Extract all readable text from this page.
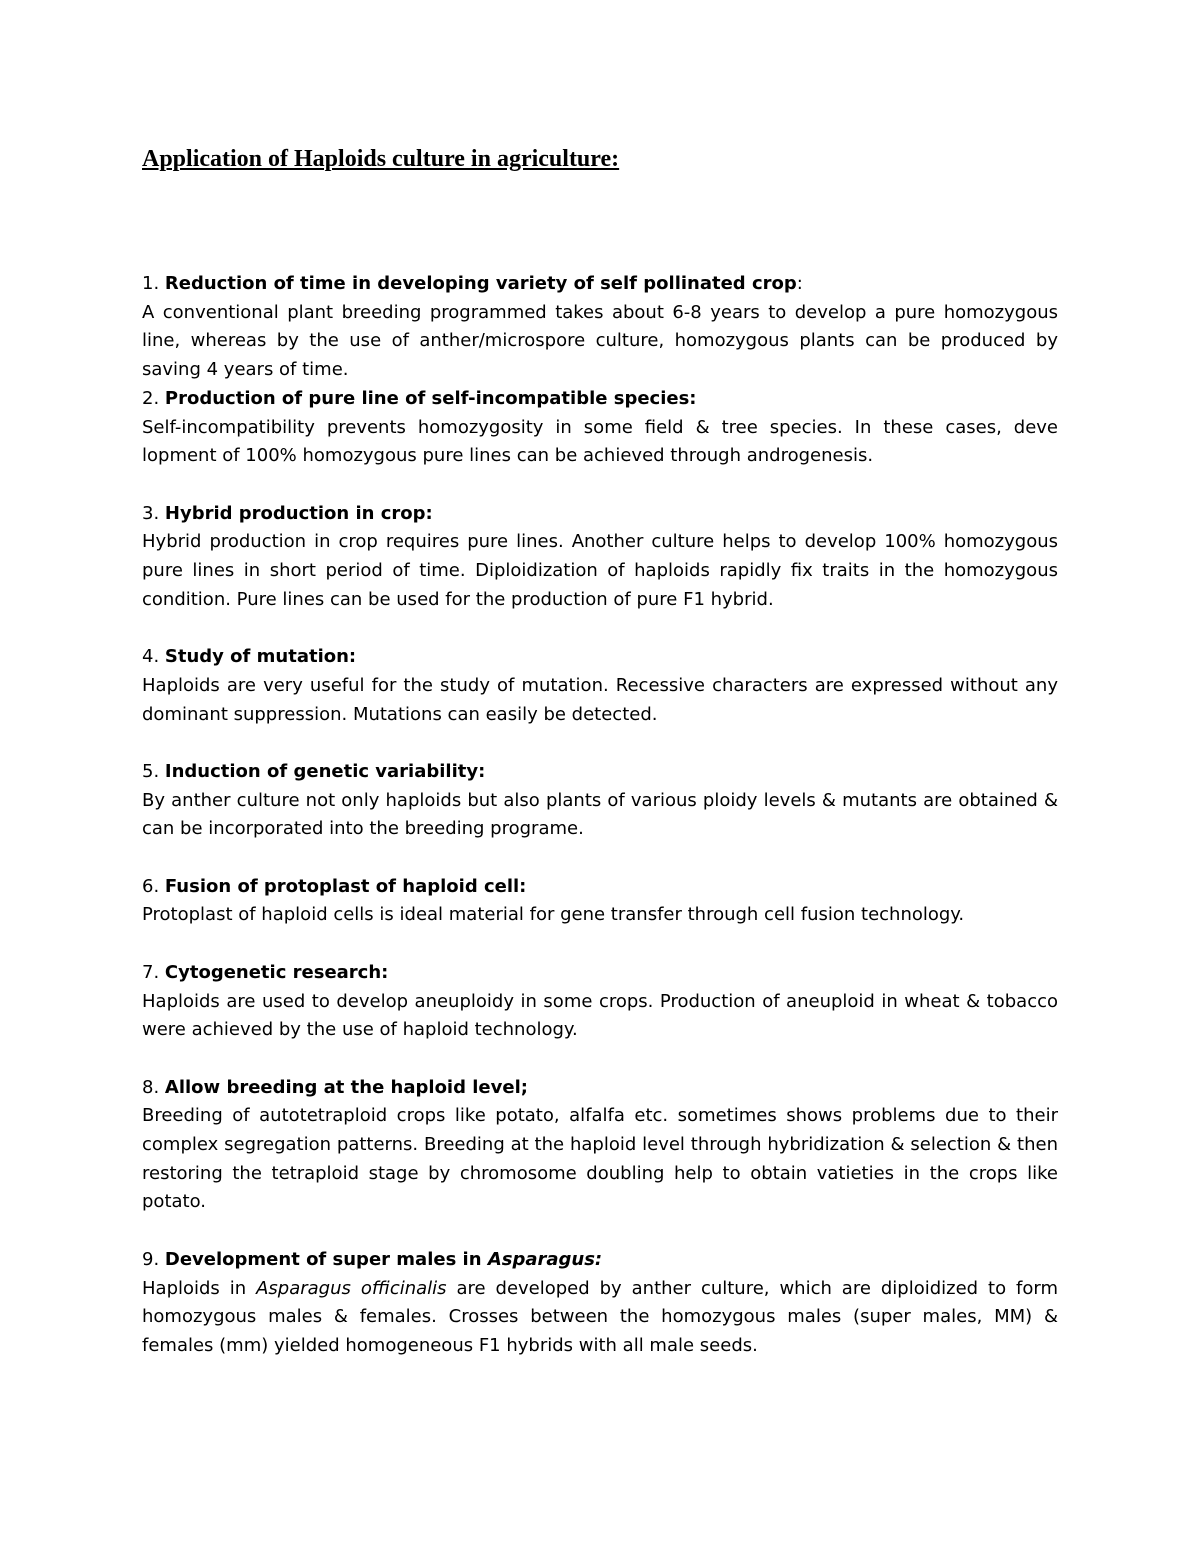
Application of Haploids culture in agriculture:

1. Reduction of time in developing variety of self pollinated crop:

A conventional plant breeding programmed takes about 6-8 years to develop a pure homozygous line, whereas by the use of anther/microspore culture, homozygous plants can be produced by saving 4 years of time.

2. Production of pure line of self-incompatible species:

Self-incompatibility prevents homozygosity in some field & tree species. In these cases, deve lopment of 100% homozygous pure lines can be achieved through androgenesis.

3. Hybrid production in crop:

Hybrid production in crop requires pure lines. Another culture helps to develop 100% homozygous pure lines in short period of time. Diploidization of haploids rapidly fix traits in the homozygous condition. Pure lines can be used for the production of pure F1 hybrid.

4. Study of mutation:

Haploids are very useful for the study of mutation. Recessive characters are expressed without any dominant suppression. Mutations can easily be detected.

5. Induction of genetic variability:

By anther culture not only haploids but also plants of various ploidy levels & mutants are obtained & can be incorporated into the breeding programe.

6. Fusion of protoplast of haploid cell:

Protoplast of haploid cells is ideal material for gene transfer through cell fusion technology.

7. Cytogenetic research:

Haploids are used to develop aneuploidy in some crops. Production of aneuploid in wheat & tobacco were achieved by the use of haploid technology.

8. Allow breeding at the haploid level;

Breeding of autotetraploid crops like potato, alfalfa etc. sometimes shows problems due to their complex segregation patterns. Breeding at the haploid level through hybridization & selection & then restoring the tetraploid stage by chromosome doubling help to obtain vatieties in the crops like potato.

9. Development of super males in Asparagus:

Haploids in Asparagus officinalis are developed by anther culture, which are diploidized to form homozygous males & females. Crosses between the homozygous males (super males, MM) & females (mm) yielded homogeneous F1 hybrids with all male seeds.
